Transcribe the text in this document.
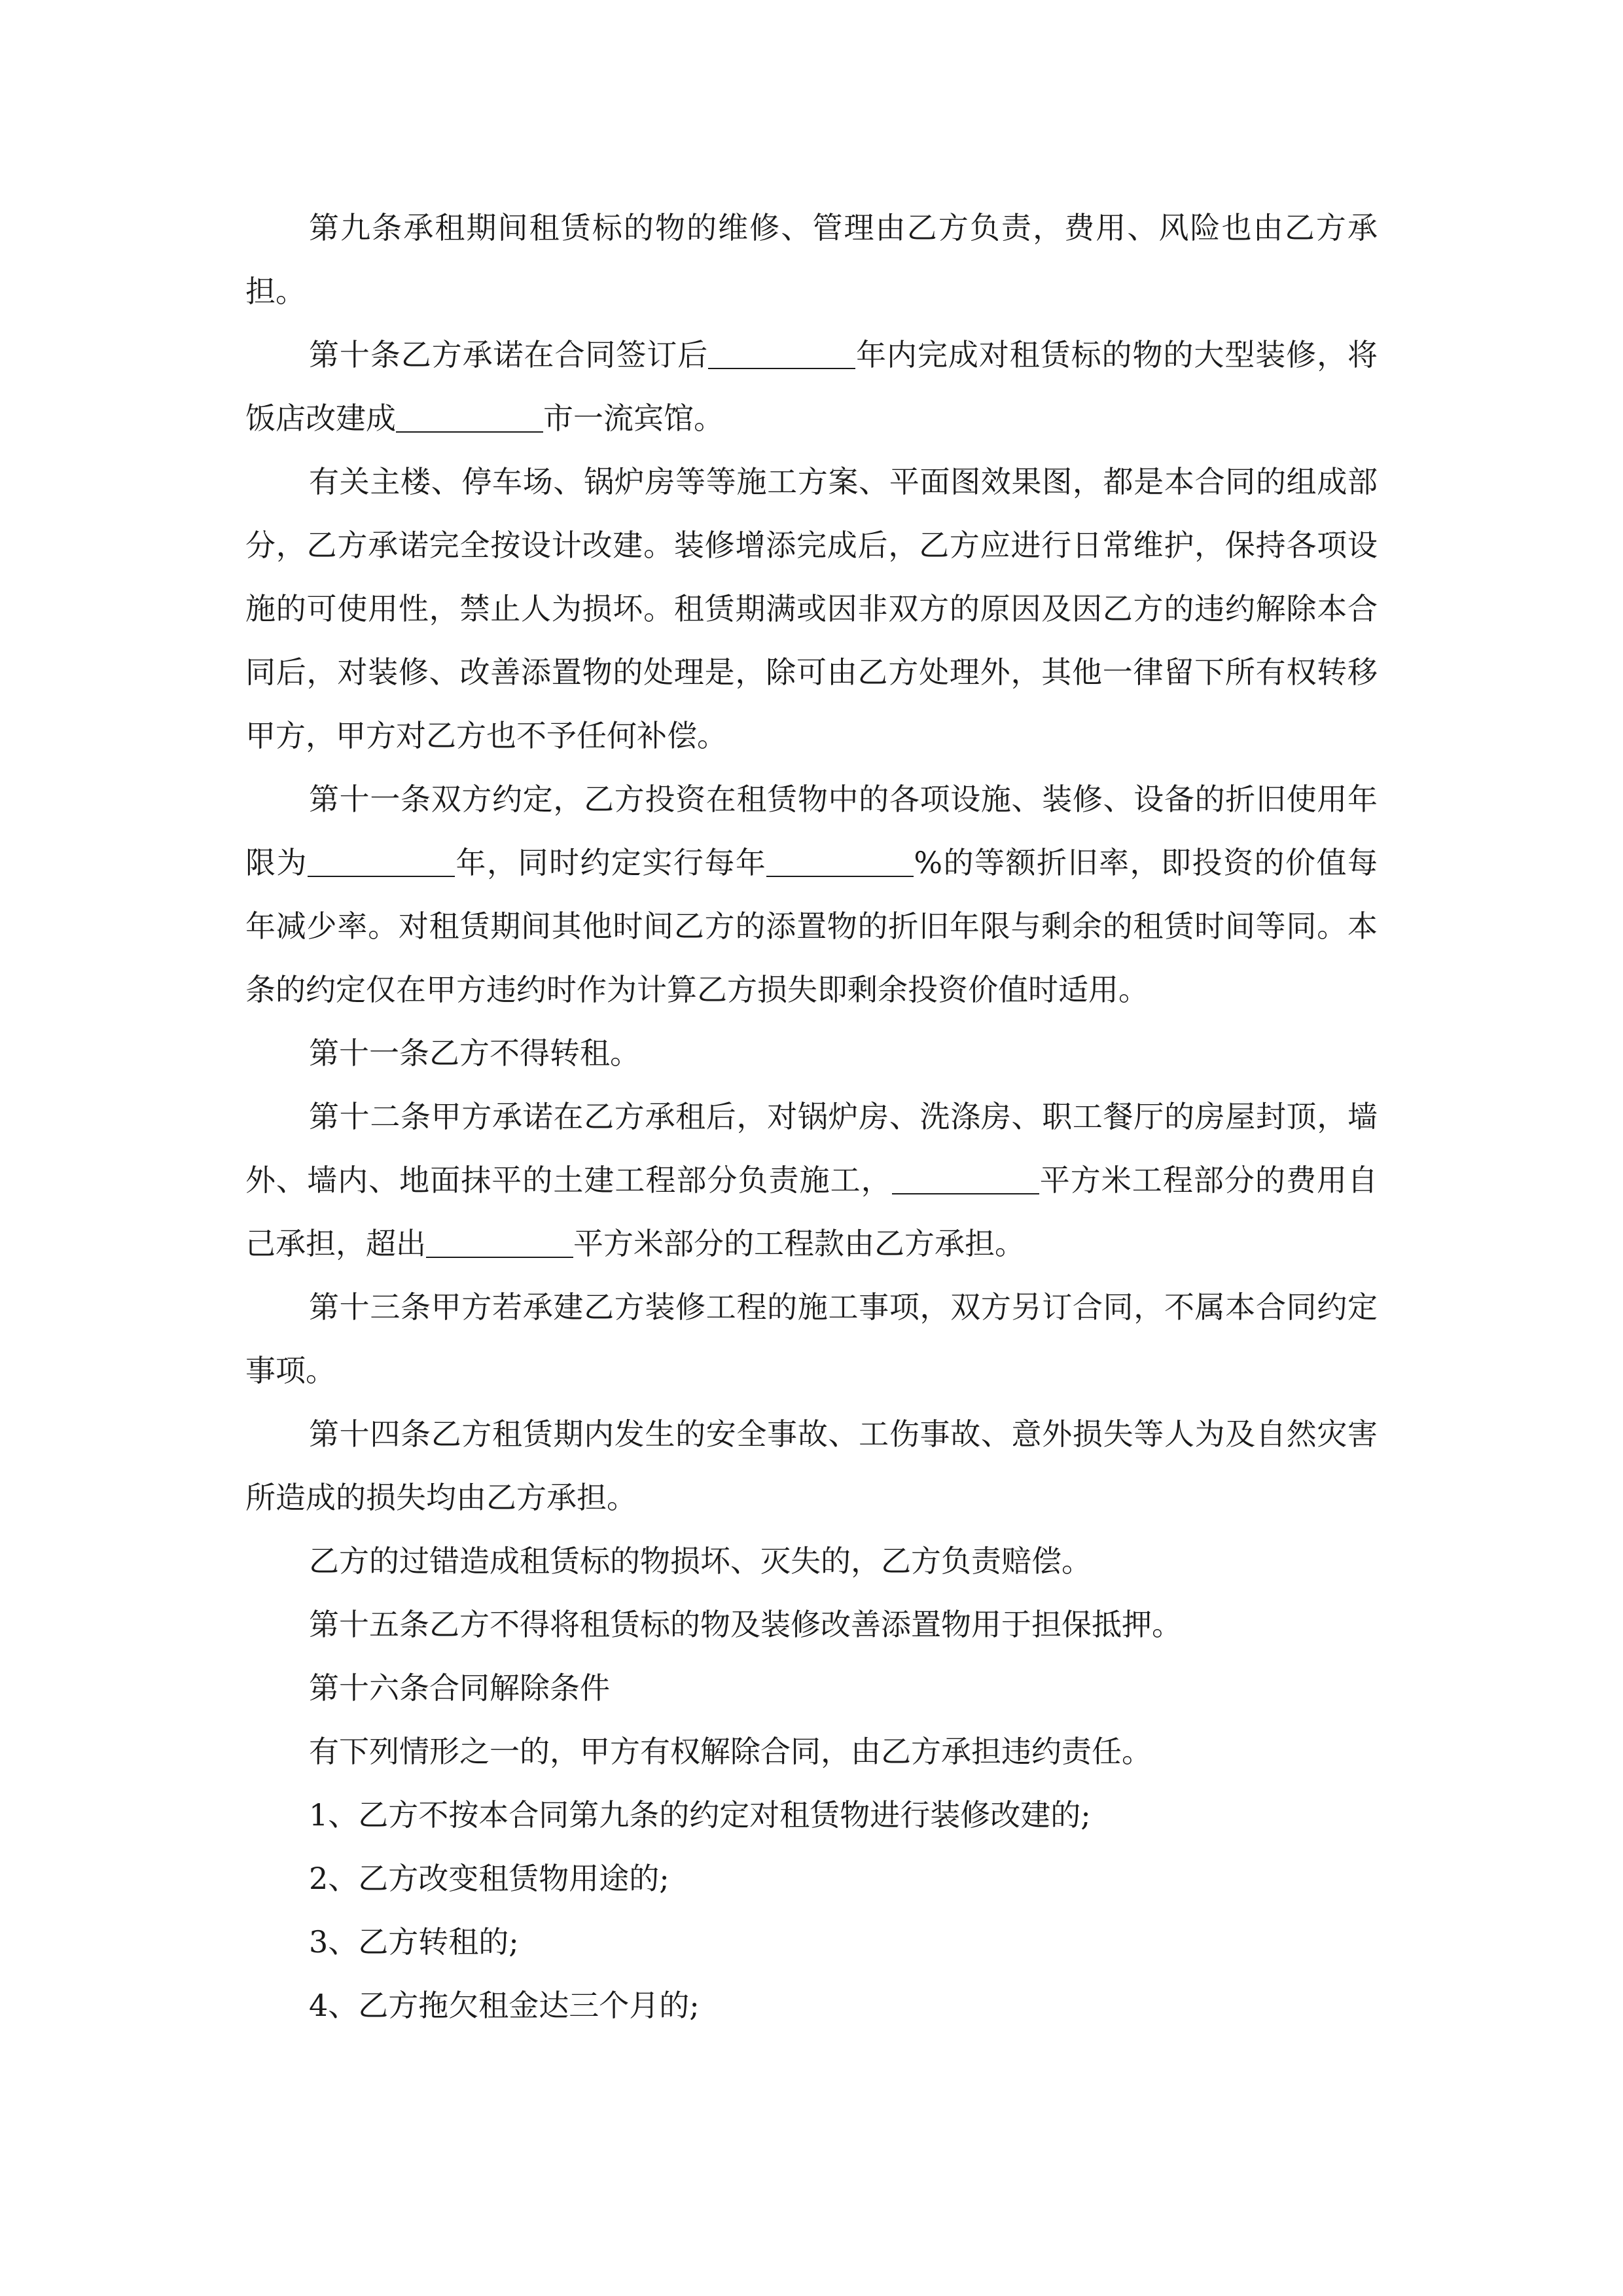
第九条承租期间租赁标的物的维修、管理由乙方负责，费用、风险也由乙方承担。

第十条乙方承诺在合同签订后	年内完成对租赁标的物的大型装修，将饭店改建成	市一流宾馆。

有关主楼、停车场、锅炉房等等施工方案、平面图效果图，都是本合同的组成部分，乙方承诺完全按设计改建。装修增添完成后，乙方应进行日常维护，保持各项设施的可使用性，禁止人为损坏。租赁期满或因非双方的原因及因乙方的违约解除本合同后，对装修、改善添置物的处理是，除可由乙方处理外，其他一律留下所有权转移甲方，甲方对乙方也不予任何补偿。

第十一条双方约定，乙方投资在租赁物中的各项设施、装修、设备的折旧使用年限为	年，同时约定实行每年	%的等额折旧率，即投资的价值每年减少率。对租赁期间其他时间乙方的添置物的折旧年限与剩余的租赁时间等同。本条的约定仅在甲方违约时作为计算乙方损失即剩余投资价值时适用。

第十一条乙方不得转租。

第十二条甲方承诺在乙方承租后，对锅炉房、洗涤房、职工餐厅的房屋封顶，墙外、墙内、地面抹平的土建工程部分负责施工，	平方米工程部分的费用自己承担，超出	平方米部分的工程款由乙方承担。

第十三条甲方若承建乙方装修工程的施工事项，双方另订合同，不属本合同约定事项。

第十四条乙方租赁期内发生的安全事故、工伤事故、意外损失等人为及自然灾害所造成的损失均由乙方承担。

乙方的过错造成租赁标的物损坏、灭失的，乙方负责赔偿。

第十五条乙方不得将租赁标的物及装修改善添置物用于担保抵押。

第十六条合同解除条件

有下列情形之一的，甲方有权解除合同，由乙方承担违约责任。

1、乙方不按本合同第九条的约定对租赁物进行装修改建的;

2、乙方改变租赁物用途的;

3、乙方转租的;

4、乙方拖欠租金达三个月的;
